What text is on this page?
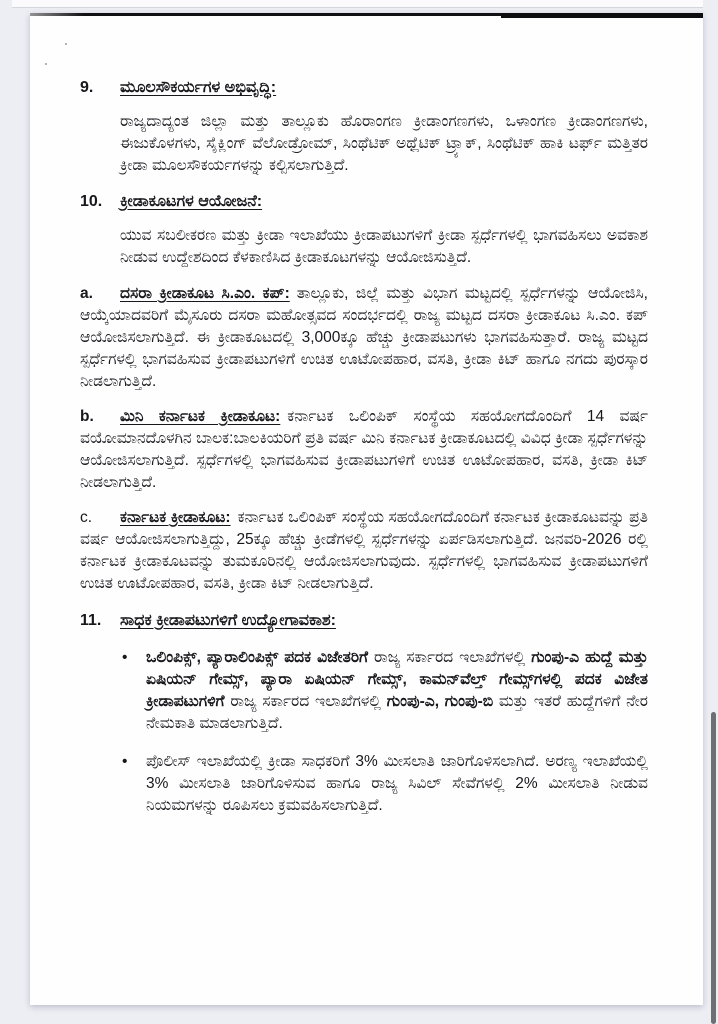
9.	ಮೂಲಸೌಕರ್ಯಗಳ ಅಭಿವೃದ್ಧಿ:

ರಾಜ್ಯದಾದ್ಯಂತ ಜಿಲ್ಲಾ ಮತ್ತು ತಾಲ್ಲೂಕು ಹೊರಾಂಗಣ ಕ್ರೀಡಾಂಗಣಗಳು, ಒಳಾಂಗಣ ಕ್ರೀಡಾಂಗಣಗಳು, ಈಜುಕೊಳಗಳು, ಸೈಕ್ಲಿಂಗ್ ವೆಲೋಡ್ರೋಮ್, ಸಿಂಥೆಟಿಕ್ ಅಥ್ಲೆಟಿಕ್ ಟ್ರ್ಯಾಕ್, ಸಿಂಥೆಟಿಕ್ ಹಾಕಿ ಟರ್ಫ್ ಮತ್ತಿತರ ಕ್ರೀಡಾ ಮೂಲಸೌಕರ್ಯಗಳನ್ನು ಕಲ್ಪಿಸಲಾಗುತ್ತಿದೆ.

10.	ಕ್ರೀಡಾಕೂಟಗಳ ಆಯೋಜನೆ:

ಯುವ ಸಬಲೀಕರಣ ಮತ್ತು ಕ್ರೀಡಾ ಇಲಾಖೆಯು ಕ್ರೀಡಾಪಟುಗಳಿಗೆ ಕ್ರೀಡಾ ಸ್ಪರ್ಧೆಗಳಲ್ಲಿ ಭಾಗವಹಿಸಲು ಅವಕಾಶ ನೀಡುವ ಉದ್ದೇಶದಿಂದ ಕೆಳಕಾಣಿಸಿದ ಕ್ರೀಡಾಕೂಟಗಳನ್ನು ಆಯೋಜಿಸುತ್ತಿದೆ.

a. ದಸರಾ ಕ್ರೀಡಾಕೂಟ ಸಿ.ಎಂ. ಕಪ್: ತಾಲ್ಲೂಕು, ಜಿಲ್ಲೆ ಮತ್ತು ವಿಭಾಗ ಮಟ್ಟದಲ್ಲಿ ಸ್ಪರ್ಧೆಗಳನ್ನು ಆಯೋಜಿಸಿ, ಆಯ್ಕೆಯಾದವರಿಗೆ ಮೈಸೂರು ದಸರಾ ಮಹೋತ್ಸವದ ಸಂದರ್ಭದಲ್ಲಿ ರಾಜ್ಯ ಮಟ್ಟದ ದಸರಾ ಕ್ರೀಡಾಕೂಟ ಸಿ.ಎಂ. ಕಪ್ ಆಯೋಜಿಸಲಾಗುತ್ತಿದೆ. ಈ ಕ್ರೀಡಾಕೂಟದಲ್ಲಿ 3,000ಕ್ಕೂ ಹೆಚ್ಚು ಕ್ರೀಡಾಪಟುಗಳು ಭಾಗವಹಿಸುತ್ತಾರೆ. ರಾಜ್ಯ ಮಟ್ಟದ ಸ್ಪರ್ಧೆಗಳಲ್ಲಿ ಭಾಗವಹಿಸುವ ಕ್ರೀಡಾಪಟುಗಳಿಗೆ ಉಚಿತ ಊಟೋಪಹಾರ, ವಸತಿ, ಕ್ರೀಡಾ ಕಿಟ್ ಹಾಗೂ ನಗದು ಪುರಸ್ಕಾರ ನೀಡಲಾಗುತ್ತಿದೆ.

b. ಮಿನಿ ಕರ್ನಾಟಕ ಕ್ರೀಡಾಕೂಟ: ಕರ್ನಾಟಕ ಒಲಿಂಪಿಕ್ ಸಂಸ್ಥೆಯ ಸಹಯೋಗದೊಂದಿಗೆ 14 ವರ್ಷ ವಯೋಮಾನದೊಳಗಿನ ಬಾಲಕ:ಬಾಲಕಿಯರಿಗೆ ಪ್ರತಿ ವರ್ಷ ಮಿನಿ ಕರ್ನಾಟಕ ಕ್ರೀಡಾಕೂಟದಲ್ಲಿ ವಿವಿಧ ಕ್ರೀಡಾ ಸ್ಪರ್ಧೆಗಳನ್ನು ಆಯೋಜಿಸಲಾಗುತ್ತಿದೆ. ಸ್ಪರ್ಧೆಗಳಲ್ಲಿ ಭಾಗವಹಿಸುವ ಕ್ರೀಡಾಪಟುಗಳಿಗೆ ಉಚಿತ ಊಟೋಪಹಾರ, ವಸತಿ, ಕ್ರೀಡಾ ಕಿಟ್ ನೀಡಲಾಗುತ್ತಿದೆ.

c. ಕರ್ನಾಟಕ ಕ್ರೀಡಾಕೂಟ: ಕರ್ನಾಟಕ ಒಲಿಂಪಿಕ್ ಸಂಸ್ಥೆಯ ಸಹಯೋಗದೊಂದಿಗೆ ಕರ್ನಾಟಕ ಕ್ರೀಡಾಕೂಟವನ್ನು ಪ್ರತಿ ವರ್ಷ ಆಯೋಜಿಸಲಾಗುತ್ತಿದ್ದು, 25ಕ್ಕೂ ಹೆಚ್ಚು ಕ್ರೀಡೆಗಳಲ್ಲಿ ಸ್ಪರ್ಧೆಗಳನ್ನು ಏರ್ಪಡಿಸಲಾಗುತ್ತಿದೆ. ಜನವರಿ-2026 ರಲ್ಲಿ ಕರ್ನಾಟಕ ಕ್ರೀಡಾಕೂಟವನ್ನು ತುಮಕೂರಿನಲ್ಲಿ ಆಯೋಜಿಸಲಾಗುವುದು. ಸ್ಪರ್ಧೆಗಳಲ್ಲಿ ಭಾಗವಹಿಸುವ ಕ್ರೀಡಾಪಟುಗಳಿಗೆ ಉಚಿತ ಊಟೋಪಹಾರ, ವಸತಿ, ಕ್ರೀಡಾ ಕಿಟ್ ನೀಡಲಾಗುತ್ತಿದೆ.

11.	ಸಾಧಕ ಕ್ರೀಡಾಪಟುಗಳಿಗೆ ಉದ್ಯೋಗಾವಕಾಶ:
•	ಒಲಿಂಪಿಕ್ಸ್, ಪ್ಯಾರಾಲಿಂಪಿಕ್ಸ್ ಪದಕ ವಿಜೇತರಿಗೆ ರಾಜ್ಯ ಸರ್ಕಾರದ ಇಲಾಖೆಗಳಲ್ಲಿ ಗುಂಪು-ಎ ಹುದ್ದೆ ಮತ್ತು ಏಷಿಯನ್ ಗೇಮ್ಸ್, ಪ್ಯಾರಾ ಏಷಿಯನ್ ಗೇಮ್ಸ್, ಕಾಮನ್‌ವೆಲ್ತ್ ಗೇಮ್ಸ್‌ಗಳಲ್ಲಿ ಪದಕ ವಿಜೇತ ಕ್ರೀಡಾಪಟುಗಳಿಗೆ ರಾಜ್ಯ ಸರ್ಕಾರದ ಇಲಾಖೆಗಳಲ್ಲಿ ಗುಂಪು-ಎ, ಗುಂಪು-ಬಿ ಮತ್ತು ಇತರೆ ಹುದ್ದೆಗಳಿಗೆ ನೇರ ನೇಮಕಾತಿ ಮಾಡಲಾಗುತ್ತಿದೆ.
•	ಪೊಲೀಸ್ ಇಲಾಖೆಯಲ್ಲಿ ಕ್ರೀಡಾ ಸಾಧಕರಿಗೆ 3% ಮೀಸಲಾತಿ ಜಾರಿಗೊಳಿಸಲಾಗಿದೆ. ಅರಣ್ಯ ಇಲಾಖೆಯಲ್ಲಿ 3% ಮೀಸಲಾತಿ ಜಾರಿಗೊಳಿಸುವ ಹಾಗೂ ರಾಜ್ಯ ಸಿವಿಲ್ ಸೇವೆಗಳಲ್ಲಿ 2% ಮೀಸಲಾತಿ ನೀಡುವ ನಿಯಮಗಳನ್ನು ರೂಪಿಸಲು ಕ್ರಮವಹಿಸಲಾಗುತ್ತಿದೆ.
